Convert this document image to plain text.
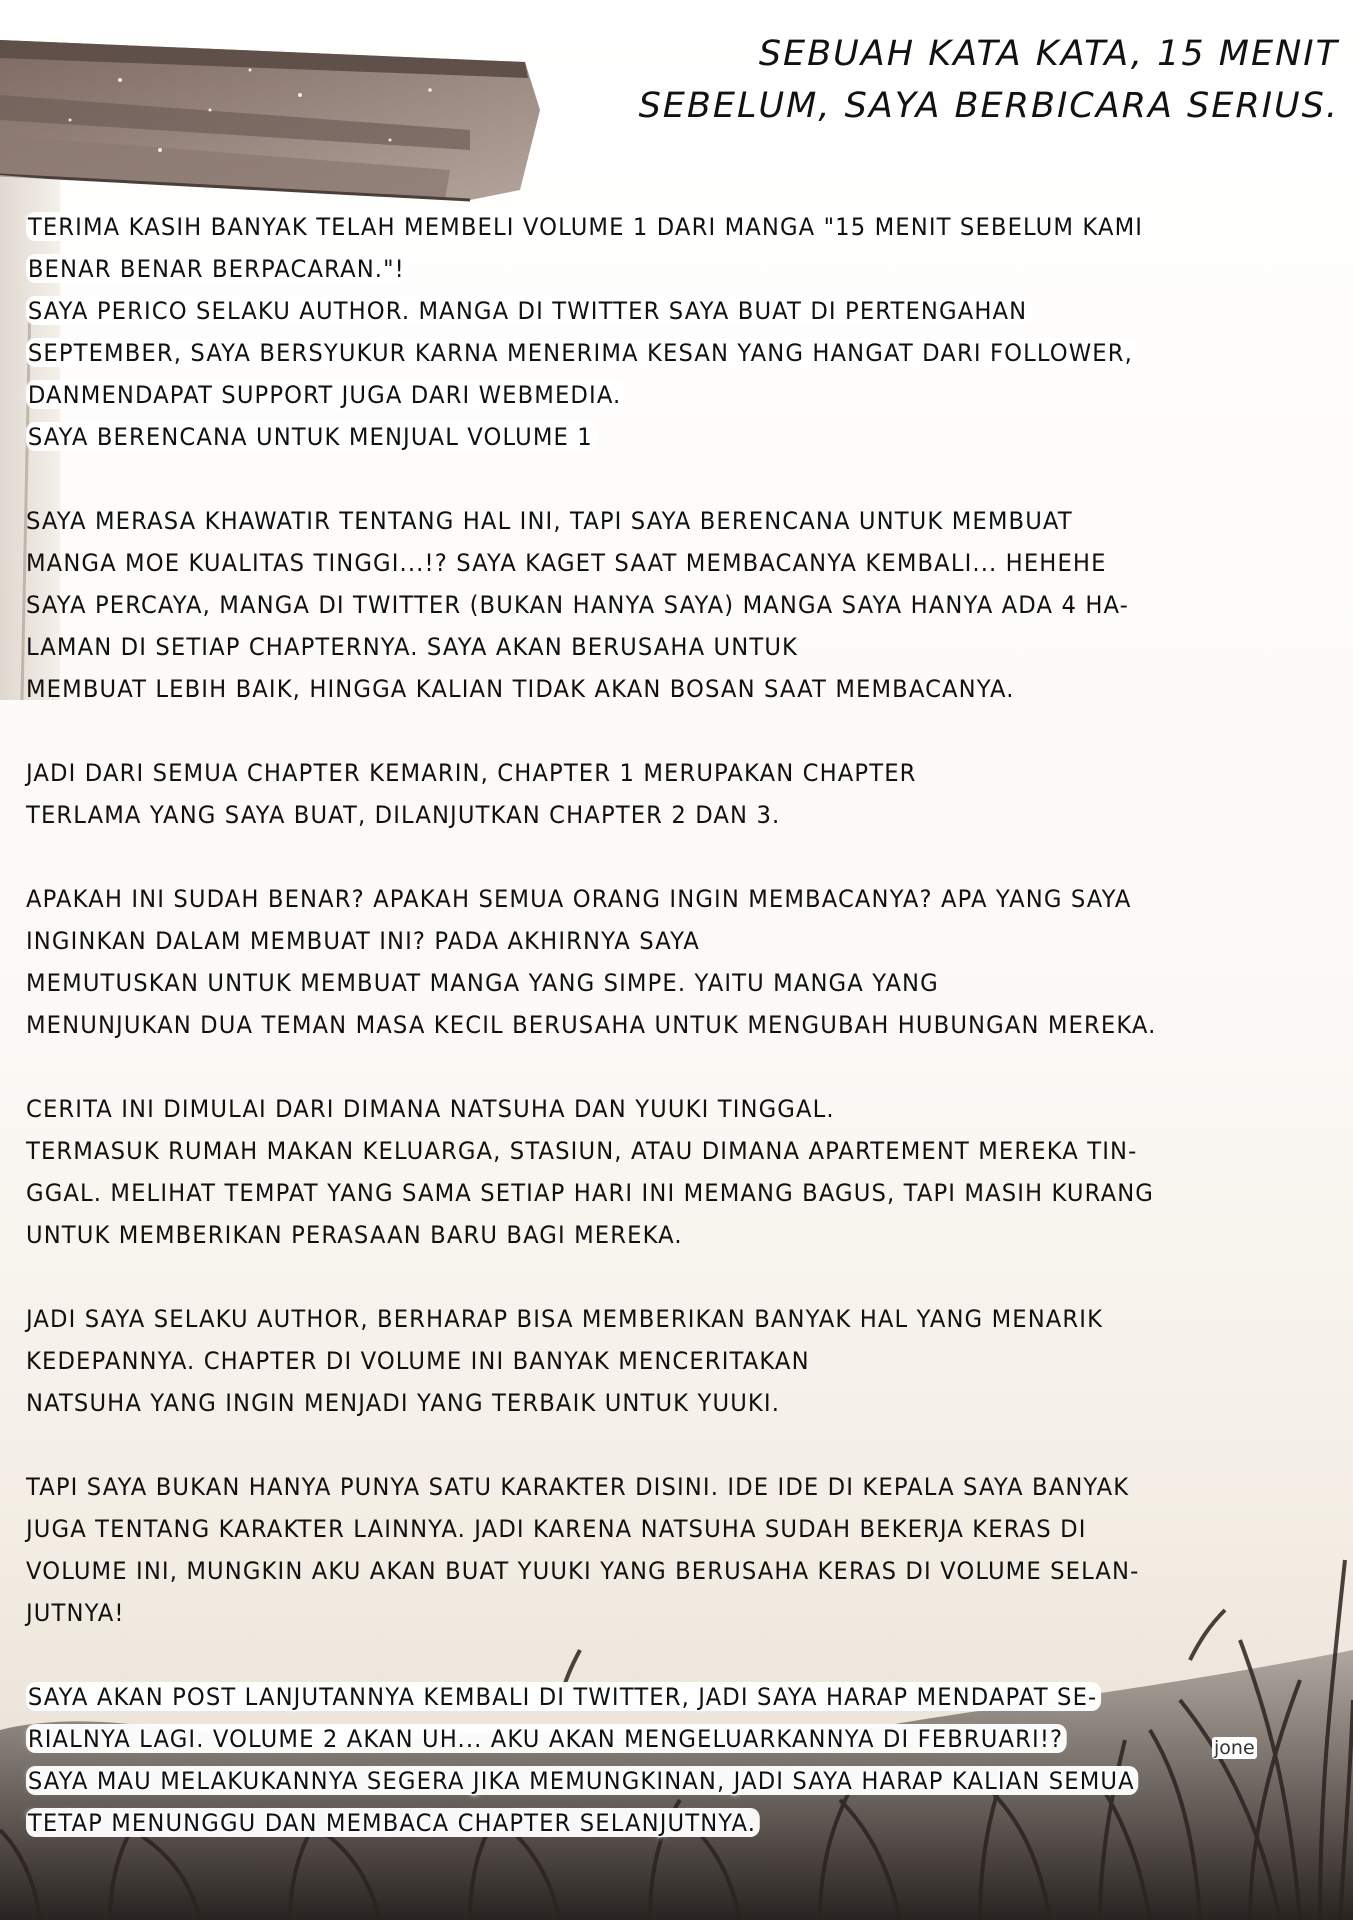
SEBUAH KATA KATA, 15 MENIT
SEBELUM, SAYA BERBICARA SERIUS.
TERIMA KASIH BANYAK TELAH MEMBELI VOLUME 1 DARI MANGA "15 MENIT SEBELUM KAMI
BENAR BENAR BERPACARAN."!
SAYA PERICO SELAKU AUTHOR. MANGA DI TWITTER SAYA BUAT DI PERTENGAHAN
SEPTEMBER, SAYA BERSYUKUR KARNA MENERIMA KESAN YANG HANGAT DARI FOLLOWER,
DANMENDAPAT SUPPORT JUGA DARI WEBMEDIA.
SAYA BERENCANA UNTUK MENJUAL VOLUME 1
SAYA MERASA KHAWATIR TENTANG HAL INI, TAPI SAYA BERENCANA UNTUK MEMBUAT
MANGA MOE KUALITAS TINGGI...!? SAYA KAGET SAAT MEMBACANYA KEMBALI... HEHEHE
SAYA PERCAYA, MANGA DI TWITTER (BUKAN HANYA SAYA) MANGA SAYA HANYA ADA 4 HA-
LAMAN DI SETIAP CHAPTERNYA. SAYA AKAN BERUSAHA UNTUK
MEMBUAT LEBIH BAIK, HINGGA KALIAN TIDAK AKAN BOSAN SAAT MEMBACANYA.
JADI DARI SEMUA CHAPTER KEMARIN, CHAPTER 1 MERUPAKAN CHAPTER
TERLAMA YANG SAYA BUAT, DILANJUTKAN CHAPTER 2 DAN 3.
APAKAH INI SUDAH BENAR? APAKAH SEMUA ORANG INGIN MEMBACANYA? APA YANG SAYA
INGINKAN DALAM MEMBUAT INI? PADA AKHIRNYA SAYA
MEMUTUSKAN UNTUK MEMBUAT MANGA YANG SIMPE. YAITU MANGA YANG
MENUNJUKAN DUA TEMAN MASA KECIL BERUSAHA UNTUK MENGUBAH HUBUNGAN MEREKA.
CERITA INI DIMULAI DARI DIMANA NATSUHA DAN YUUKI TINGGAL.
TERMASUK RUMAH MAKAN KELUARGA, STASIUN, ATAU DIMANA APARTEMENT MEREKA TIN-
GGAL. MELIHAT TEMPAT YANG SAMA SETIAP HARI INI MEMANG BAGUS, TAPI MASIH KURANG
UNTUK MEMBERIKAN PERASAAN BARU BAGI MEREKA.
JADI SAYA SELAKU AUTHOR, BERHARAP BISA MEMBERIKAN BANYAK HAL YANG MENARIK
KEDEPANNYA. CHAPTER DI VOLUME INI BANYAK MENCERITAKAN
NATSUHA YANG INGIN MENJADI YANG TERBAIK UNTUK YUUKI.
TAPI SAYA BUKAN HANYA PUNYA SATU KARAKTER DISINI. IDE IDE DI KEPALA SAYA BANYAK
JUGA TENTANG KARAKTER LAINNYA. JADI KARENA NATSUHA SUDAH BEKERJA KERAS DI
VOLUME INI, MUNGKIN AKU AKAN BUAT YUUKI YANG BERUSAHA KERAS DI VOLUME SELAN-
JUTNYA!
SAYA AKAN POST LANJUTANNYA KEMBALI DI TWITTER, JADI SAYA HARAP MENDAPAT SE-
RIALNYA LAGI. VOLUME 2 AKAN UH... AKU AKAN MENGELUARKANNYA DI FEBRUARI!?
SAYA MAU MELAKUKANNYA SEGERA JIKA MEMUNGKINAN, JADI SAYA HARAP KALIAN SEMUA
TETAP MENUNGGU DAN MEMBACA CHAPTER SELANJUTNYA.
jone
